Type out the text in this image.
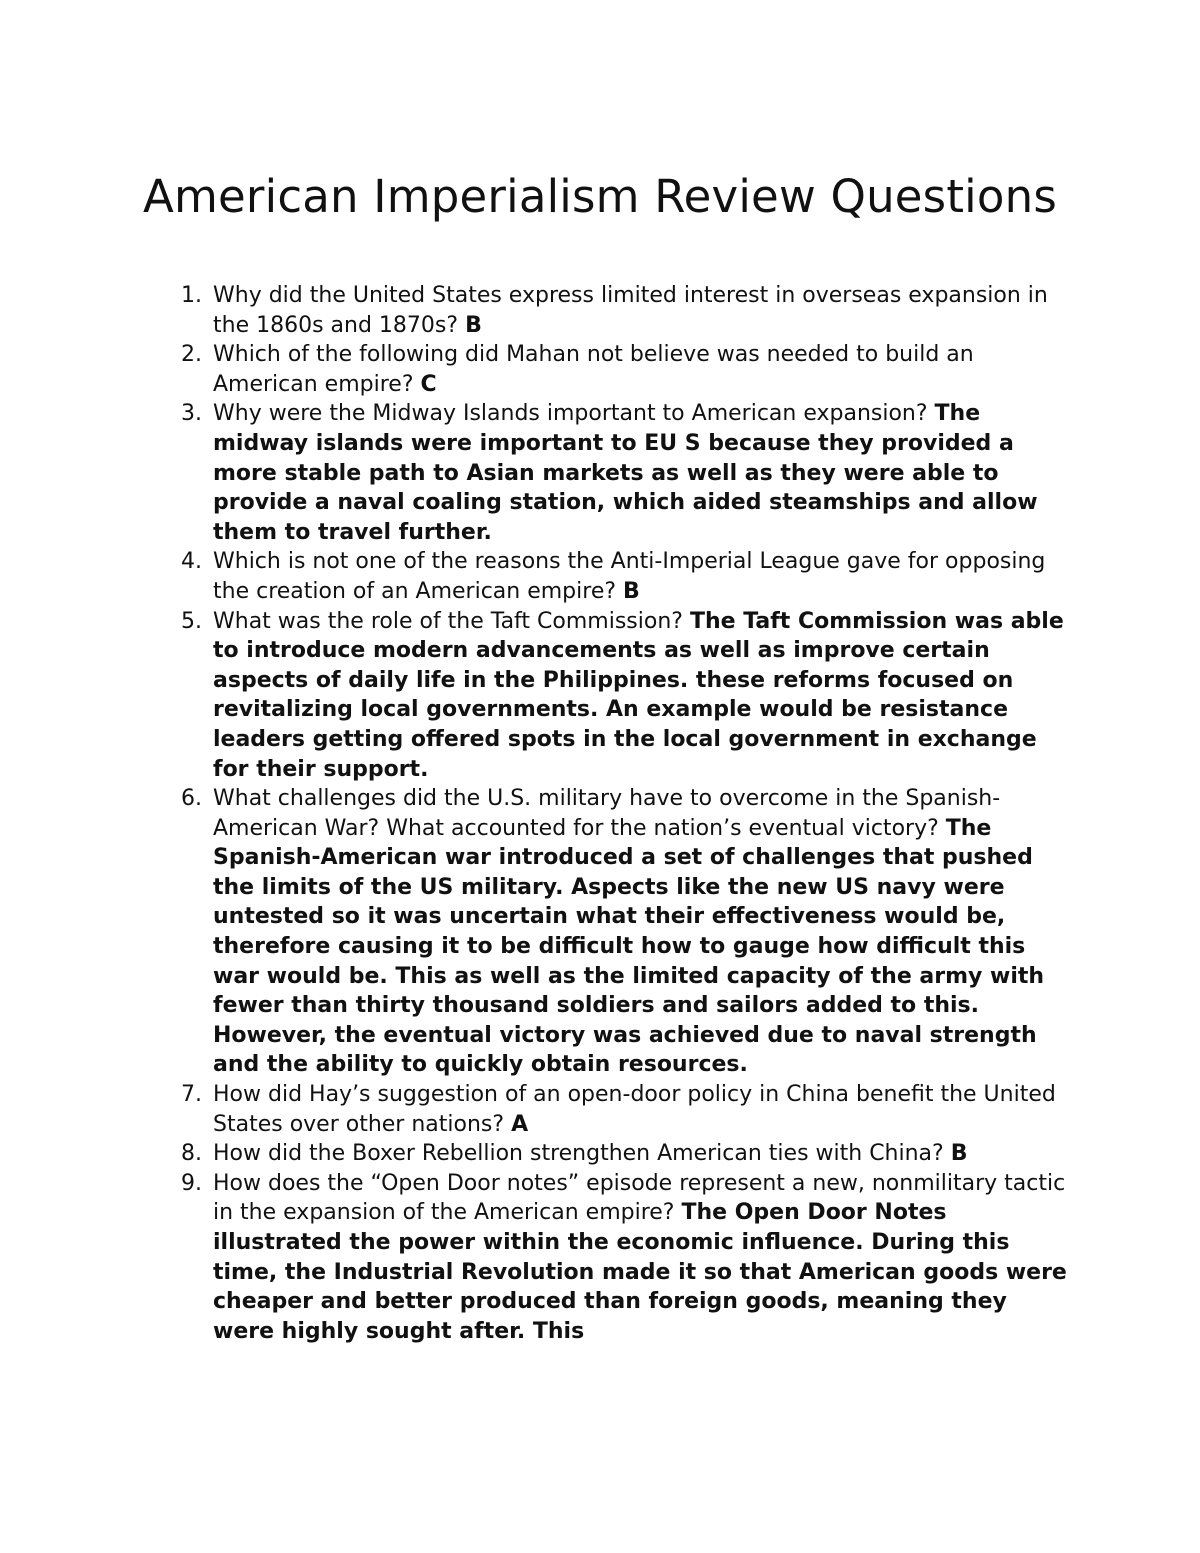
American Imperialism Review Questions
1. Why did the United States express limited interest in overseas expansion in the 1860s and 1870s? B
2. Which of the following did Mahan not believe was needed to build an American empire? C
3. Why were the Midway Islands important to American expansion? The midway islands were important to EU S because they provided a more stable path to Asian markets as well as they were able to provide a naval coaling station, which aided steamships and allow them to travel further.
4. Which is not one of the reasons the Anti-Imperial League gave for opposing the creation of an American empire? B
5. What was the role of the Taft Commission? The Taft Commission was able to introduce modern advancements as well as improve certain aspects of daily life in the Philippines. these reforms focused on revitalizing local governments. An example would be resistance leaders getting offered spots in the local government in exchange for their support.
6. What challenges did the U.S. military have to overcome in the Spanish-American War? What accounted for the nation’s eventual victory? The Spanish-American war introduced a set of challenges that pushed the limits of the US military. Aspects like the new US navy were untested so it was uncertain what their effectiveness would be, therefore causing it to be difficult how to gauge how difficult this war would be. This as well as the limited capacity of the army with fewer than thirty thousand soldiers and sailors added to this. However, the eventual victory was achieved due to naval strength and the ability to quickly obtain resources.
7. How did Hay’s suggestion of an open-door policy in China benefit the United States over other nations? A
8. How did the Boxer Rebellion strengthen American ties with China? B
9. How does the “Open Door notes” episode represent a new, nonmilitary tactic in the expansion of the American empire? The Open Door Notes illustrated the power within the economic influence. During this time, the Industrial Revolution made it so that American goods were cheaper and better produced than foreign goods, meaning they were highly sought after. This
